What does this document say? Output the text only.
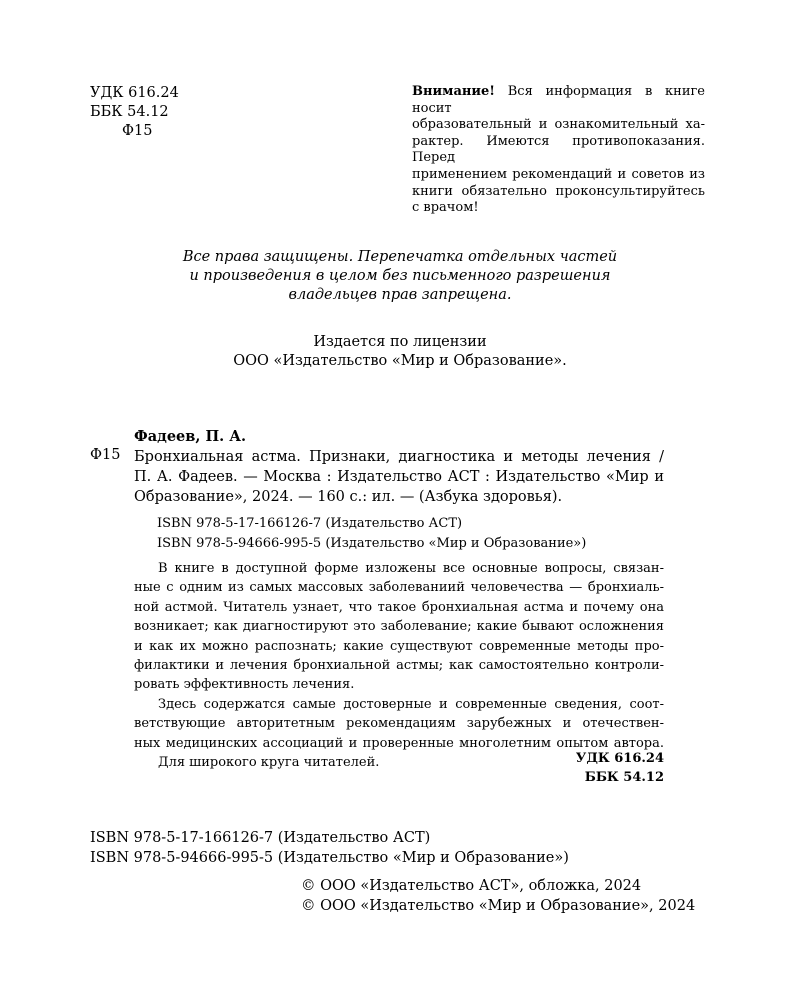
УДК 616.24
ББК 54.12
Ф15
Внимание! Вся информация в книге носит
образовательный и ознакомительный ха-
рактер. Имеются противопоказания. Перед
применением рекомендаций и советов из
книги обязательно проконсультируйтесь
с врачом!
Все права защищены. Перепечатка отдельных частей
и произведения в целом без письменного разрешения
владельцев прав запрещена.
Издается по лицензии
ООО «Издательство «Мир и Образование».
Фадеев, П. А.
Ф15 Бронхиальная астма. Признаки, диагностика и методы лечения /
П. А. Фадеев. — Москва : Издательство АСТ : Издательство «Мир и
Образование», 2024. — 160 с.: ил. — (Азбука здоровья).
ISBN 978-5-17-166126-7 (Издательство АСТ)
ISBN 978-5-94666-995-5 (Издательство «Мир и Образование»)
В книге в доступной форме изложены все основные вопросы, связан-
ные с одним из самых массовых заболеваниий человечества — бронхиаль-
ной астмой. Читатель узнает, что такое бронхиальная астма и почему она
возникает; как диагностируют это заболевание; какие бывают осложнения
и как их можно распознать; какие существуют современные методы про-
филактики и лечения бронхиальной астмы; как самостоятельно контроли-
ровать эффективность лечения.
Здесь содержатся самые достоверные и современные сведения, соот-
ветствующие авторитетным рекомендациям зарубежных и отечествен-
ных медицинских ассоциаций и проверенные многолетним опытом автора.
Для широкого круга читателей.	УДК 616.24
ББК 54.12
ISBN 978-5-17-166126-7 (Издательство АСТ)
ISBN 978-5-94666-995-5 (Издательство «Мир и Образование»)
© ООО «Издательство АСТ», обложка, 2024
© ООО «Издательство «Мир и Образование», 2024
